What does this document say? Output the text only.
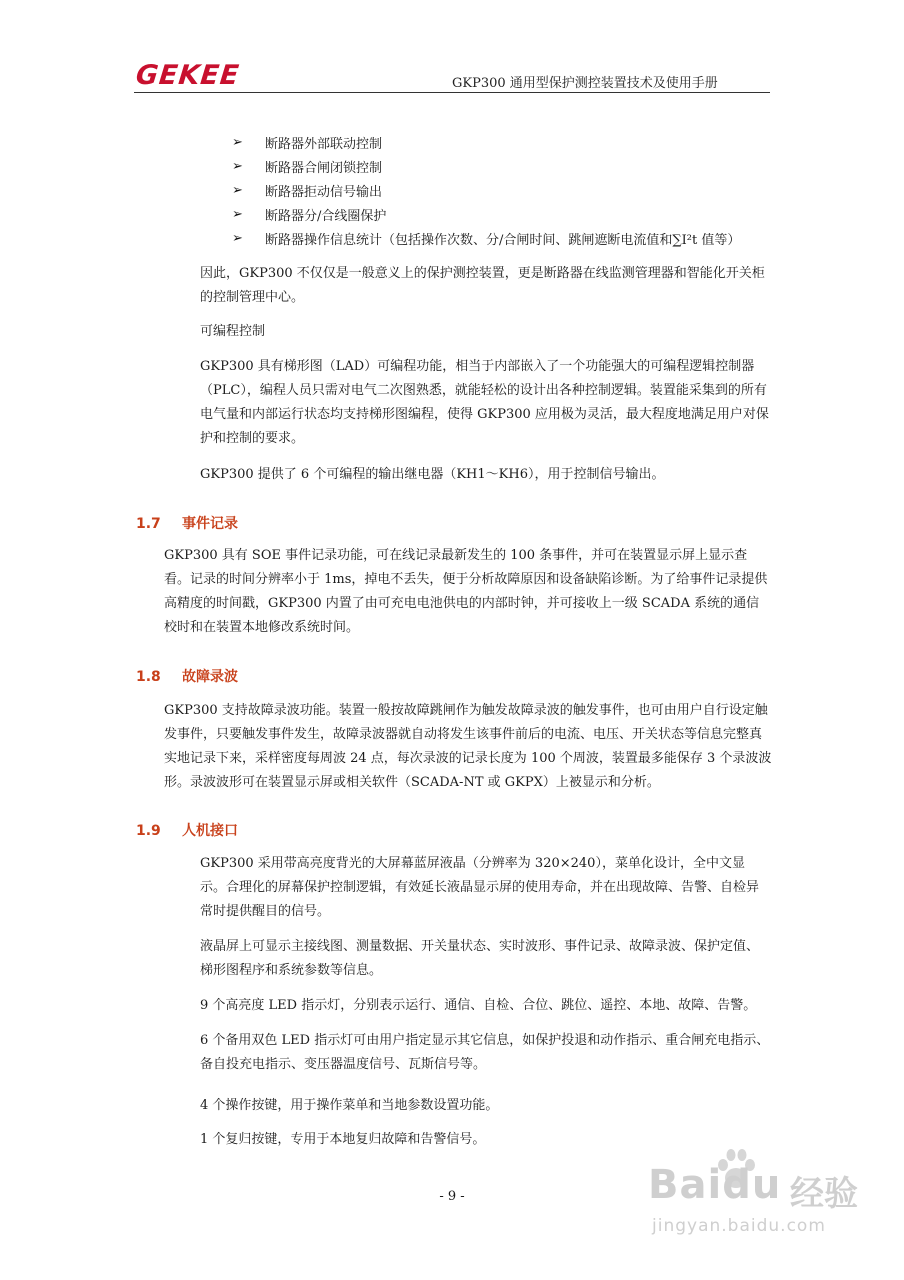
GEKEE	GKP300 通用型保护测控装置技术及使用手册
➢	断路器外部联动控制
➢	断路器合闸闭锁控制
➢	断路器拒动信号输出
➢	断路器分/合线圈保护
➢	断路器操作信息统计（包括操作次数、分/合闸时间、跳闸遮断电流值和∑I²t 值等）

因此，GKP300 不仅仅是一般意义上的保护测控装置，更是断路器在线监测管理器和智能化开关柜的控制管理中心。

可编程控制

GKP300 具有梯形图（LAD）可编程功能，相当于内部嵌入了一个功能强大的可编程逻辑控制器（PLC），编程人员只需对电气二次图熟悉，就能轻松的设计出各种控制逻辑。装置能采集到的所有电气量和内部运行状态均支持梯形图编程，使得 GKP300 应用极为灵活，最大程度地满足用户对保护和控制的要求。

GKP300 提供了 6 个可编程的输出继电器（KH1～KH6），用于控制信号输出。

1.7	事件记录

GKP300 具有 SOE 事件记录功能，可在线记录最新发生的 100 条事件，并可在装置显示屏上显示查看。记录的时间分辨率小于 1ms，掉电不丢失，便于分析故障原因和设备缺陷诊断。为了给事件记录提供高精度的时间戳，GKP300 内置了由可充电电池供电的内部时钟，并可接收上一级 SCADA 系统的通信校时和在装置本地修改系统时间。

1.8	故障录波

GKP300 支持故障录波功能。装置一般按故障跳闸作为触发故障录波的触发事件，也可由用户自行设定触发事件，只要触发事件发生，故障录波器就自动将发生该事件前后的电流、电压、开关状态等信息完整真实地记录下来，采样密度每周波 24 点，每次录波的记录长度为 100 个周波，装置最多能保存 3 个录波波形。录波波形可在装置显示屏或相关软件（SCADA-NT 或 GKPX）上被显示和分析。

1.9	人机接口

GKP300 采用带高亮度背光的大屏幕蓝屏液晶（分辨率为 320×240），菜单化设计，全中文显示。合理化的屏幕保护控制逻辑，有效延长液晶显示屏的使用寿命，并在出现故障、告警、自检异常时提供醒目的信号。

液晶屏上可显示主接线图、测量数据、开关量状态、实时波形、事件记录、故障录波、保护定值、梯形图程序和系统参数等信息。

9 个高亮度 LED 指示灯，分别表示运行、通信、自检、合位、跳位、遥控、本地、故障、告警。

6 个备用双色 LED 指示灯可由用户指定显示其它信息，如保护投退和动作指示、重合闸充电指示、备自投充电指示、变压器温度信号、瓦斯信号等。

4 个操作按键，用于操作菜单和当地参数设置功能。

1 个复归按键，专用于本地复归故障和告警信号。

- 9 -	Baidu 经验
jingyan.baidu.com
